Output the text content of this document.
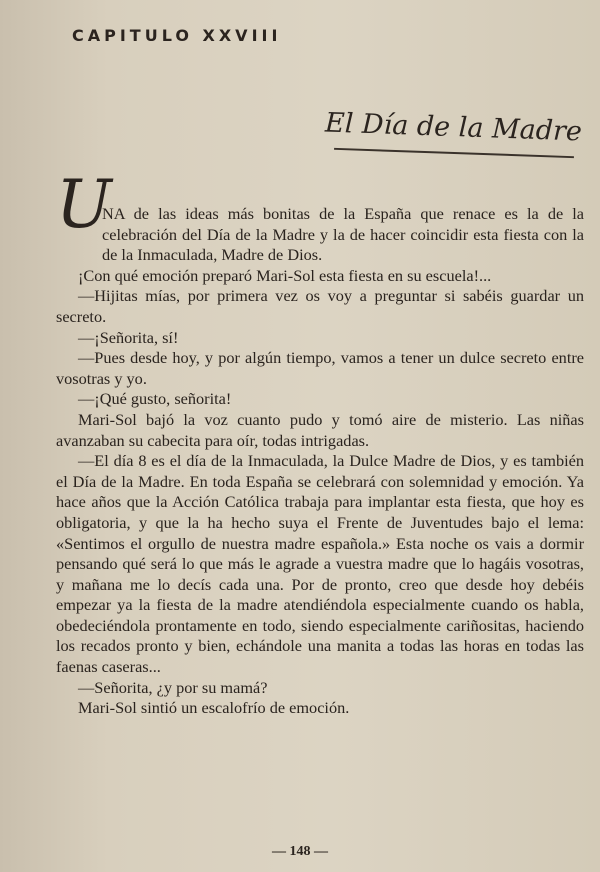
CAPITULO XXVIII
El Día de la Madre
U

NA de las ideas más bonitas de la España que renace es la de la celebración del Día de la Madre y la de hacer coincidir esta fiesta con la de la Inmaculada, Madre de Dios.

¡Con qué emoción preparó Mari-Sol esta fiesta en su escuela!...

—Hijitas mías, por primera vez os voy a preguntar si sabéis guardar un secreto.

—¡Señorita, sí!

—Pues desde hoy, y por algún tiempo, vamos a tener un dulce secreto entre vosotras y yo.

—¡Qué gusto, señorita!

Mari-Sol bajó la voz cuanto pudo y tomó aire de misterio. Las niñas avanzaban su cabecita para oír, todas intrigadas.

—El día 8 es el día de la Inmaculada, la Dulce Madre de Dios, y es también el Día de la Madre. En toda España se celebrará con solemnidad y emoción. Ya hace años que la Acción Católica trabaja para implantar esta fiesta, que hoy es obligatoria, y que la ha hecho suya el Frente de Juventudes bajo el lema: «Sentimos el orgullo de nuestra madre española.» Esta noche os vais a dormir pensando qué será lo que más le agrade a vuestra madre que lo hagáis vosotras, y mañana me lo decís cada una. Por de pronto, creo que desde hoy debéis empezar ya la fiesta de la madre atendiéndola especialmente cuando os habla, obedeciéndola prontamente en todo, siendo especialmente cariñositas, haciendo los recados pronto y bien, echándole una manita a todas las horas en todas las faenas caseras...

—Señorita, ¿y por su mamá?

Mari-Sol sintió un escalofrío de emoción.

— 148 —
